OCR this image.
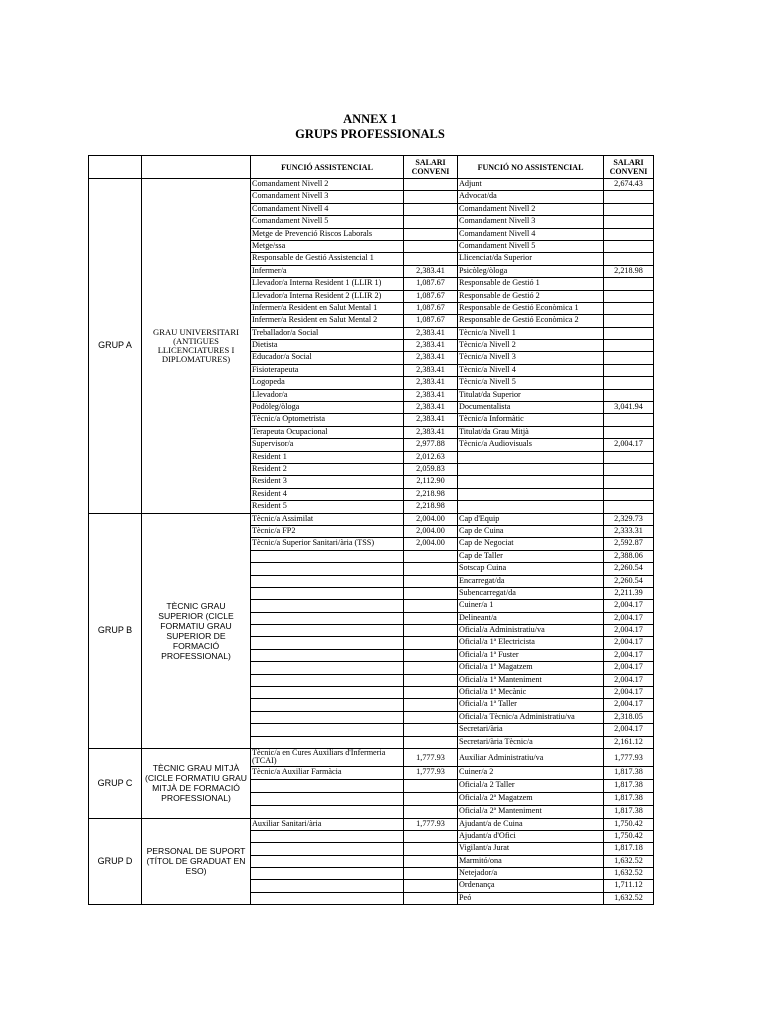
ANNEX 1
GRUPS PROFESSIONALS
		FUNCIÓ ASSISTENCIAL	SALARI CONVENI	FUNCIÓ NO ASSISTENCIAL	SALARI CONVENI
GRUP A	GRAU UNIVERSITARI (ANTIGUES LLICENCIATURES I DIPLOMATURES)	Comandament Nivell 2		Adjunt	2,674.43
		Comandament Nivell 3		Advocat/da	
		Comandament Nivell 4		Comandament Nivell 2	
		Comandament Nivell 5		Comandament Nivell 3	
		Metge de Prevenció Riscos Laborals		Comandament Nivell 4	
		Metge/ssa		Comandament Nivell 5	
		Responsable de Gestió Assistencial 1		Llicenciat/da Superior	
		Infermer/a	2,383.41	Psicòleg/òloga	2,218.98
		Llevador/a Interna Resident 1 (LLIR 1)	1,087.67	Responsable de Gestió 1	
		Llevador/a Interna Resident 2 (LLIR 2)	1,087.67	Responsable de Gestió 2	
		Infermer/a Resident en Salut Mental 1	1,087.67	Responsable de Gestió Econòmica 1	
		Infermer/a Resident en Salut Mental 2	1,087.67	Responsable de Gestió Econòmica 2	
		Treballador/a Social	2,383.41	Tècnic/a Nivell 1	
		Dietista	2,383.41	Tècnic/a Nivell 2	
		Educador/a Social	2,383.41	Tècnic/a Nivell 3	
		Fisioterapeuta	2,383.41	Tècnic/a Nivell 4	
		Logopeda	2,383.41	Tècnic/a Nivell 5	
		Llevador/a	2,383.41	Titulat/da Superior	
		Podòleg/òloga	2,383.41	Documentalista	3,041.94
		Tècnic/a Optometrista	2,383.41	Tècnic/a Informàtic	
		Terapeuta Ocupacional	2,383.41	Titulat/da Grau Mitjà	
		Supervisor/a	2,977.88	Tècnic/a Audiovisuals	2,004.17
		Resident 1	2,012.63		
		Resident 2	2,059.83		
		Resident 3	2,112.90		
		Resident 4	2,218.98		
		Resident 5	2,218.98		
GRUP B	TÈCNIC GRAU SUPERIOR (CICLE FORMATIU GRAU SUPERIOR DE FORMACIÓ PROFESSIONAL)	Tècnic/a Assimilat	2,004.00	Cap d'Equip	2,329.73
		Tècnic/a FP2	2,004.00	Cap de Cuina	2,333.31
		Tècnic/a Superior Sanitari/ària (TSS)	2,004.00	Cap de Negociat	2,592.87
				Cap de Taller	2,388.06
				Sotscap Cuina	2,260.54
				Encarregat/da	2,260.54
				Subencarregat/da	2,211.39
				Cuiner/a 1	2,004.17
				Delineant/a	2,004.17
				Oficial/a Administratiu/va	2,004.17
				Oficial/a 1ª Electricista	2,004.17
				Oficial/a 1ª Fuster	2,004.17
				Oficial/a 1ª Magatzem	2,004.17
				Oficial/a 1ª Manteniment	2,004.17
				Oficial/a 1ª Mecànic	2,004.17
				Oficial/a 1ª Taller	2,004.17
				Oficial/a Tècnic/a Administratiu/va	2,318.05
				Secretari/ària	2,004.17
				Secretari/ària Tècnic/a	2,161.12
GRUP C	TÈCNIC GRAU MITJÀ (CICLE FORMATIU GRAU MITJÀ DE FORMACIÓ PROFESSIONAL)	Tècnic/a en Cures Auxiliars d'Infermeria (TCAI)	1,777.93	Auxiliar Administratiu/va	1,777.93
		Tècnic/a Auxiliar Farmàcia	1,777.93	Cuiner/a 2	1,817.38
				Oficial/a 2 Taller	1,817.38
				Oficial/a 2ª Magatzem	1,817.38
				Oficial/a 2ª Manteniment	1,817.38
GRUP D	PERSONAL DE SUPORT (TÍTOL DE GRADUAT EN ESO)	Auxiliar Sanitari/ària	1,777.93	Ajudant/a de Cuina	1,750.42
				Ajudant/a d'Ofici	1,750.42
				Vigilant/a Jurat	1,817.18
				Marmitó/ona	1,632.52
				Netejador/a	1,632.52
				Ordenança	1,711.12
				Peó	1,632.52
